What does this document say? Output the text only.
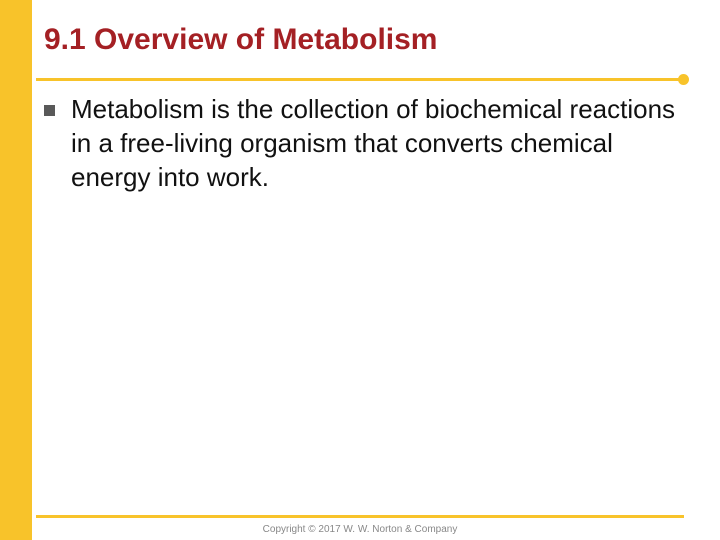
9.1 Overview of Metabolism
Metabolism is the collection of biochemical reactions in a free-living organism that converts chemical energy into work.
Copyright © 2017 W. W. Norton & Company
